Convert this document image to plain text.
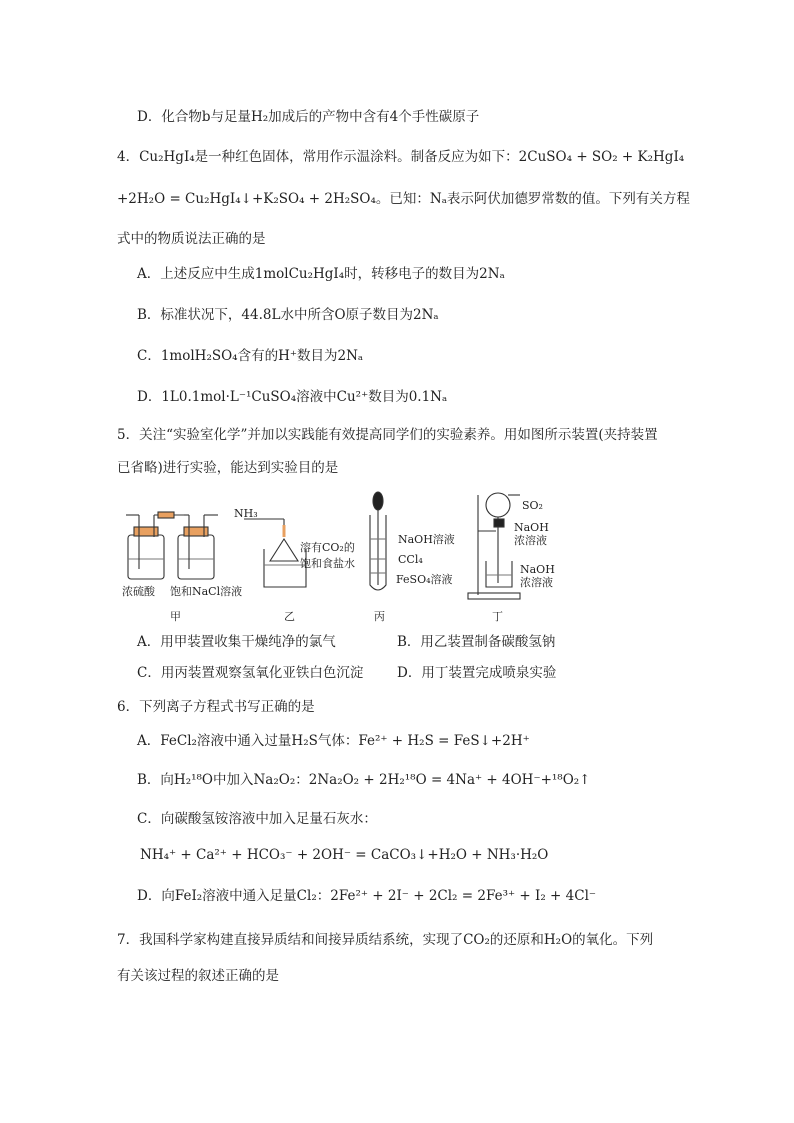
D．化合物b与足量H₂加成后的产物中含有4个手性碳原子
4．Cu₂HgI₄是一种红色固体，常用作示温涂料。制备反应为如下：2CuSO₄ + SO₂ + K₂HgI₄
+2H₂O = Cu₂HgI₄↓+K₂SO₄ + 2H₂SO₄。已知：Nₐ表示阿伏加德罗常数的值。下列有关方程
式中的物质说法正确的是
A．上述反应中生成1molCu₂HgI₄时，转移电子的数目为2Nₐ
B．标准状况下，44.8L水中所含O原子数目为2Nₐ
C．1molH₂SO₄含有的H⁺数目为2Nₐ
D．1L0.1mol·L⁻¹CuSO₄溶液中Cu²⁺数目为0.1Nₐ
5．关注“实验室化学”并加以实践能有效提高同学们的实验素养。用如图所示装置(夹持装置
已省略)进行实验，能达到实验目的是
浓硫酸 饱和NaCl溶液
甲
NH₃
溶有CO₂的
饱和食盐水
乙
NaOH溶液
CCl₄
FeSO₄溶液
丙
SO₂
NaOH
浓溶液
NaOH
浓溶液
丁
A．用甲装置收集干燥纯净的氯气	B．用乙装置制备碳酸氢钠
C．用丙装置观察氢氧化亚铁白色沉淀 D．用丁装置完成喷泉实验
6．下列离子方程式书写正确的是
A．FeCl₂溶液中通入过量H₂S气体：Fe²⁺ + H₂S = FeS↓+2H⁺
B．向H₂¹⁸O中加入Na₂O₂：2Na₂O₂ + 2H₂¹⁸O = 4Na⁺ + 4OH⁻+¹⁸O₂↑
C．向碳酸氢铵溶液中加入足量石灰水：
NH₄⁺ + Ca²⁺ + HCO₃⁻ + 2OH⁻ = CaCO₃↓+H₂O + NH₃·H₂O
D．向FeI₂溶液中通入足量Cl₂：2Fe²⁺ + 2I⁻ + 2Cl₂ = 2Fe³⁺ + I₂ + 4Cl⁻
7．我国科学家构建直接异质结和间接异质结系统，实现了CO₂的还原和H₂O的氧化。下列
有关该过程的叙述正确的是
